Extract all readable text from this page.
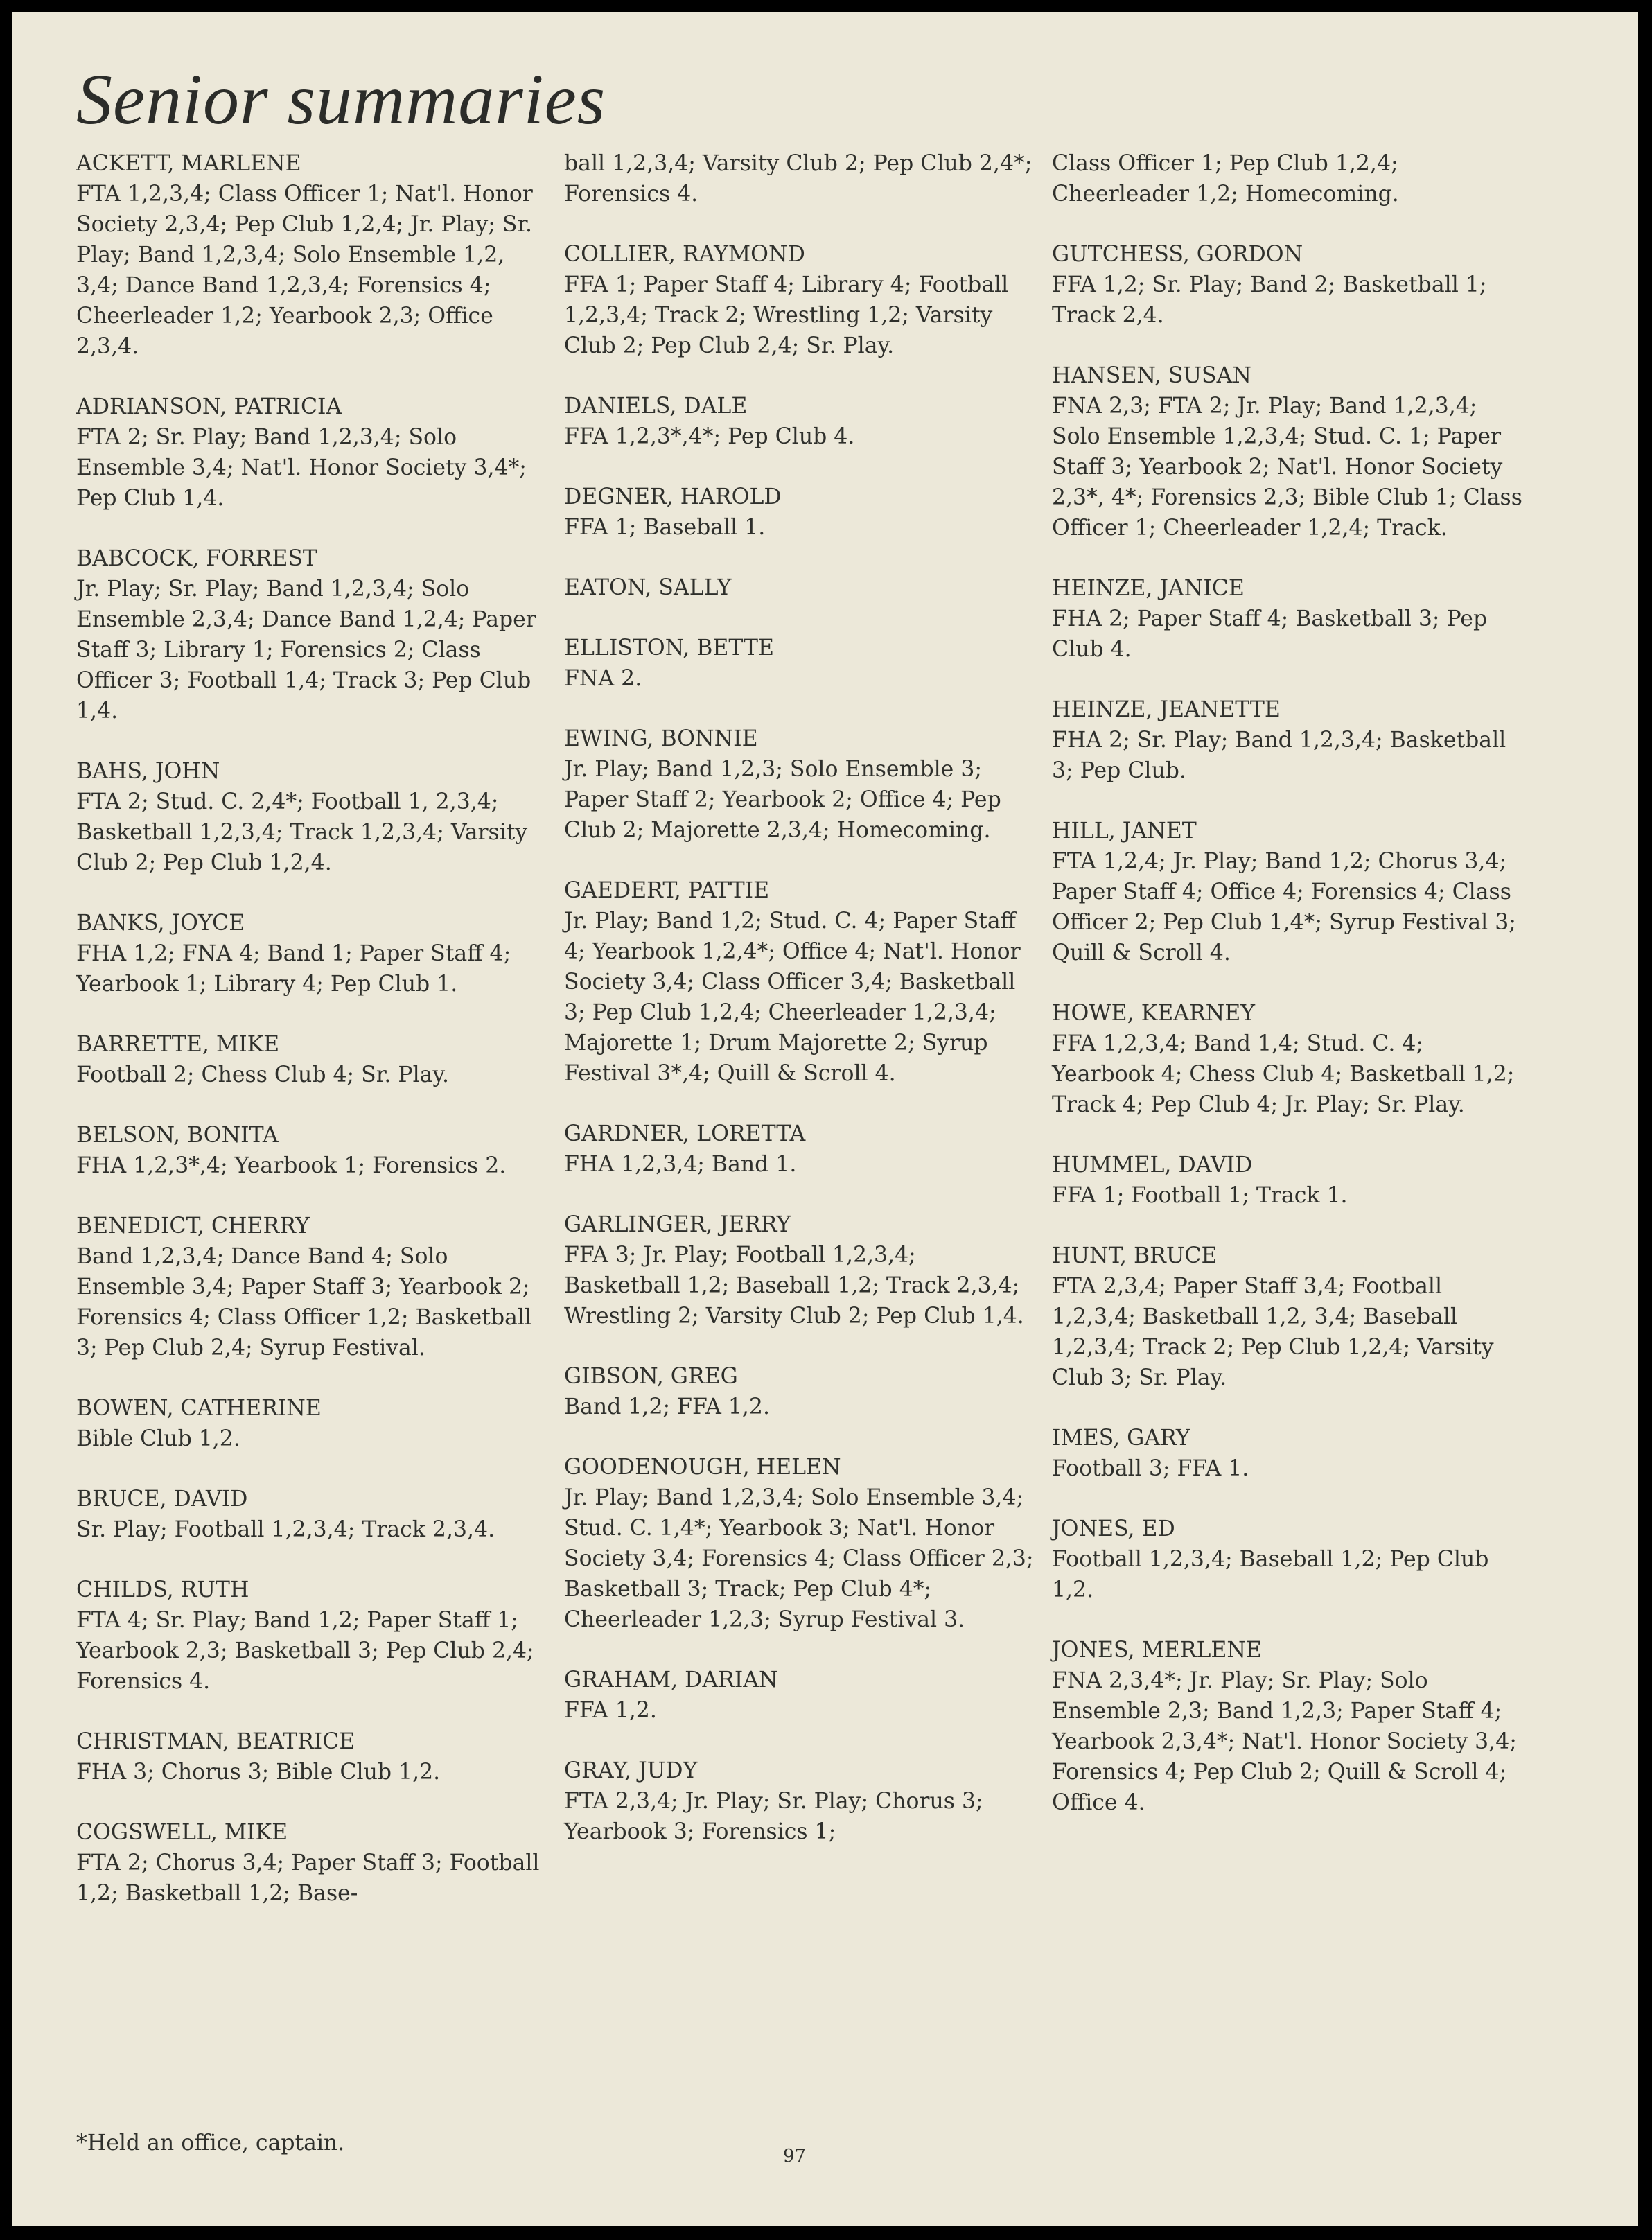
Senior summaries
ACKETT, MARLENE
FTA 1,2,3,4; Class Officer 1; Nat'l. Honor Society 2,3,4; Pep Club 1,2,4; Jr. Play; Sr. Play; Band 1,2,3,4; Solo Ensemble 1,2, 3,4; Dance Band 1,2,3,4; Forensics 4; Cheerleader 1,2; Yearbook 2,3; Office 2,3,4.
ADRIANSON, PATRICIA
FTA 2; Sr. Play; Band 1,2,3,4; Solo Ensemble 3,4; Nat'l. Honor Society 3,4*; Pep Club 1,4.
BABCOCK, FORREST
Jr. Play; Sr. Play; Band 1,2,3,4; Solo Ensemble 2,3,4; Dance Band 1,2,4; Paper Staff 3; Library 1; Forensics 2; Class Officer 3; Football 1,4; Track 3; Pep Club 1,4.
BAHS, JOHN
FTA 2; Stud. C. 2,4*; Football 1, 2,3,4; Basketball 1,2,3,4; Track 1,2,3,4; Varsity Club 2; Pep Club 1,2,4.
BANKS, JOYCE
FHA 1,2; FNA 4; Band 1; Paper Staff 4; Yearbook 1; Library 4; Pep Club 1.
BARRETTE, MIKE
Football 2; Chess Club 4; Sr. Play.
BELSON, BONITA
FHA 1,2,3*,4; Yearbook 1; Forensics 2.
BENEDICT, CHERRY
Band 1,2,3,4; Dance Band 4; Solo Ensemble 3,4; Paper Staff 3; Yearbook 2; Forensics 4; Class Officer 1,2; Basketball 3; Pep Club 2,4; Syrup Festival.
BOWEN, CATHERINE
Bible Club 1,2.
BRUCE, DAVID
Sr. Play; Football 1,2,3,4; Track 2,3,4.
CHILDS, RUTH
FTA 4; Sr. Play; Band 1,2; Paper Staff 1; Yearbook 2,3; Basketball 3; Pep Club 2,4; Forensics 4.
CHRISTMAN, BEATRICE
FHA 3; Chorus 3; Bible Club 1,2.
COGSWELL, MIKE
FTA 2; Chorus 3,4; Paper Staff 3; Football 1,2; Basketball 1,2; Base-
ball 1,2,3,4; Varsity Club 2; Pep Club 2,4*; Forensics 4.
COLLIER, RAYMOND
FFA 1; Paper Staff 4; Library 4; Football 1,2,3,4; Track 2; Wrestling 1,2; Varsity Club 2; Pep Club 2,4; Sr. Play.
DANIELS, DALE
FFA 1,2,3*,4*; Pep Club 4.
DEGNER, HAROLD
FFA 1; Baseball 1.
EATON, SALLY
ELLISTON, BETTE
FNA 2.
EWING, BONNIE
Jr. Play; Band 1,2,3; Solo Ensemble 3; Paper Staff 2; Yearbook 2; Office 4; Pep Club 2; Majorette 2,3,4; Homecoming.
GAEDERT, PATTIE
Jr. Play; Band 1,2; Stud. C. 4; Paper Staff 4; Yearbook 1,2,4*; Office 4; Nat'l. Honor Society 3,4; Class Officer 3,4; Basketball 3; Pep Club 1,2,4; Cheerleader 1,2,3,4; Majorette 1; Drum Majorette 2; Syrup Festival 3*,4; Quill & Scroll 4.
GARDNER, LORETTA
FHA 1,2,3,4; Band 1.
GARLINGER, JERRY
FFA 3; Jr. Play; Football 1,2,3,4; Basketball 1,2; Baseball 1,2; Track 2,3,4; Wrestling 2; Varsity Club 2; Pep Club 1,4.
GIBSON, GREG
Band 1,2; FFA 1,2.
GOODENOUGH, HELEN
Jr. Play; Band 1,2,3,4; Solo Ensemble 3,4; Stud. C. 1,4*; Yearbook 3; Nat'l. Honor Society 3,4; Forensics 4; Class Officer 2,3; Basketball 3; Track; Pep Club 4*; Cheerleader 1,2,3; Syrup Festival 3.
GRAHAM, DARIAN
FFA 1,2.
GRAY, JUDY
FTA 2,3,4; Jr. Play; Sr. Play; Chorus 3; Yearbook 3; Forensics 1;
Class Officer 1; Pep Club 1,2,4; Cheerleader 1,2; Homecoming.
GUTCHESS, GORDON
FFA 1,2; Sr. Play; Band 2; Basketball 1; Track 2,4.
HANSEN, SUSAN
FNA 2,3; FTA 2; Jr. Play; Band 1,2,3,4; Solo Ensemble 1,2,3,4; Stud. C. 1; Paper Staff 3; Yearbook 2; Nat'l. Honor Society 2,3*, 4*; Forensics 2,3; Bible Club 1; Class Officer 1; Cheerleader 1,2,4; Track.
HEINZE, JANICE
FHA 2; Paper Staff 4; Basketball 3; Pep Club 4.
HEINZE, JEANETTE
FHA 2; Sr. Play; Band 1,2,3,4; Basketball 3; Pep Club.
HILL, JANET
FTA 1,2,4; Jr. Play; Band 1,2; Chorus 3,4; Paper Staff 4; Office 4; Forensics 4; Class Officer 2; Pep Club 1,4*; Syrup Festival 3; Quill & Scroll 4.
HOWE, KEARNEY
FFA 1,2,3,4; Band 1,4; Stud. C. 4; Yearbook 4; Chess Club 4; Basketball 1,2; Track 4; Pep Club 4; Jr. Play; Sr. Play.
HUMMEL, DAVID
FFA 1; Football 1; Track 1.
HUNT, BRUCE
FTA 2,3,4; Paper Staff 3,4; Football 1,2,3,4; Basketball 1,2, 3,4; Baseball 1,2,3,4; Track 2; Pep Club 1,2,4; Varsity Club 3; Sr. Play.
IMES, GARY
Football 3; FFA 1.
JONES, ED
Football 1,2,3,4; Baseball 1,2; Pep Club 1,2.
JONES, MERLENE
FNA 2,3,4*; Jr. Play; Sr. Play; Solo Ensemble 2,3; Band 1,2,3; Paper Staff 4; Yearbook 2,3,4*; Nat'l. Honor Society 3,4; Forensics 4; Pep Club 2; Quill & Scroll 4; Office 4.
*Held an office, captain.
97
